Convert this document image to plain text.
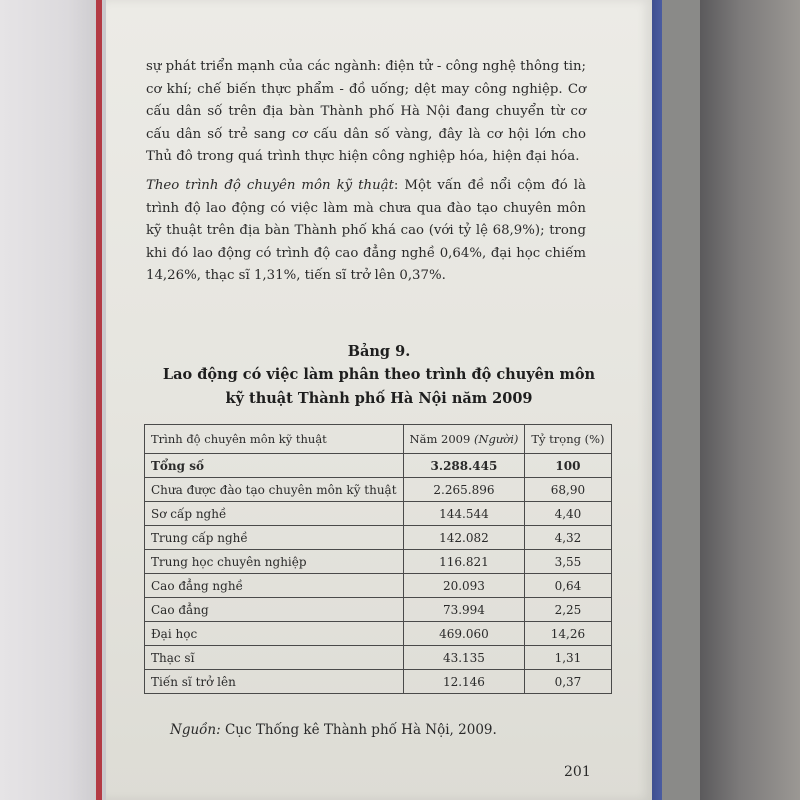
sự phát triển mạnh của các ngành: điện tử - công nghệ thông tin; cơ khí; chế biến thực phẩm - đồ uống; dệt may công nghiệp. Cơ cấu dân số trên địa bàn Thành phố Hà Nội đang chuyển từ cơ cấu dân số trẻ sang cơ cấu dân số vàng, đây là cơ hội lớn cho Thủ đô trong quá trình thực hiện công nghiệp hóa, hiện đại hóa.

Theo trình độ chuyên môn kỹ thuật: Một vấn đề nổi cộm đó là trình độ lao động có việc làm mà chưa qua đào tạo chuyên môn kỹ thuật trên địa bàn Thành phố khá cao (với tỷ lệ 68,9%); trong khi đó lao động có trình độ cao đẳng nghề 0,64%, đại học chiếm 14,26%, thạc sĩ 1,31%, tiến sĩ trở lên 0,37%.

Bảng 9.
Lao động có việc làm phân theo trình độ chuyên môn
kỹ thuật Thành phố Hà Nội năm 2009
Trình độ chuyên môn kỹ thuật	Năm 2009 (Người)	Tỷ trọng (%)
Tổng số	3.288.445	100
Chưa được đào tạo chuyên môn kỹ thuật	2.265.896	68,90
Sơ cấp nghề	144.544	4,40
Trung cấp nghề	142.082	4,32
Trung học chuyên nghiệp	116.821	3,55
Cao đẳng nghề	20.093	0,64
Cao đẳng	73.994	2,25
Đại học	469.060	14,26
Thạc sĩ	43.135	1,31
Tiến sĩ trở lên	12.146	0,37
Nguồn: Cục Thống kê Thành phố Hà Nội, 2009.
201
